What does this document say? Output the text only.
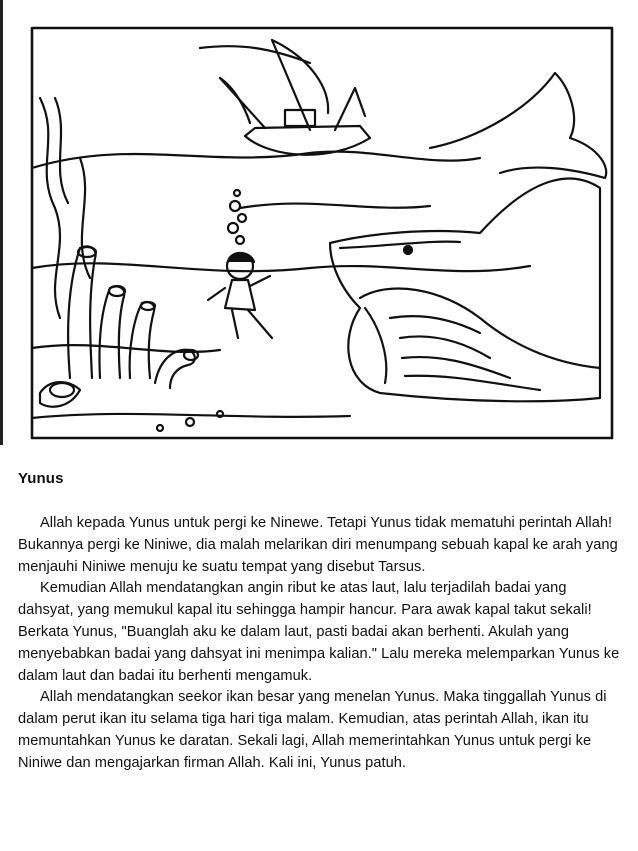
Yunus

Allah kepada Yunus untuk pergi ke Ninewe. Tetapi Yunus tidak mematuhi perintah Allah! Bukannya pergi ke Niniwe, dia malah melarikan diri menumpang sebuah kapal ke arah yang menjauhi Niniwe menuju ke suatu tempat yang disebut Tarsus.

Kemudian Allah mendatangkan angin ribut ke atas laut, lalu terjadilah badai yang dahsyat, yang memukul kapal itu sehingga hampir hancur. Para awak kapal takut sekali! Berkata Yunus, "Buanglah aku ke dalam laut, pasti badai akan berhenti. Akulah yang menyebabkan badai yang dahsyat ini menimpa kalian." Lalu mereka melemparkan Yunus ke dalam laut dan badai itu berhenti mengamuk.

Allah mendatangkan seekor ikan besar yang menelan Yunus. Maka tinggallah Yunus di dalam perut ikan itu selama tiga hari tiga malam. Kemudian, atas perintah Allah, ikan itu memuntahkan Yunus ke daratan. Sekali lagi, Allah memerintahkan Yunus untuk pergi ke Niniwe dan mengajarkan firman Allah. Kali ini, Yunus patuh.
